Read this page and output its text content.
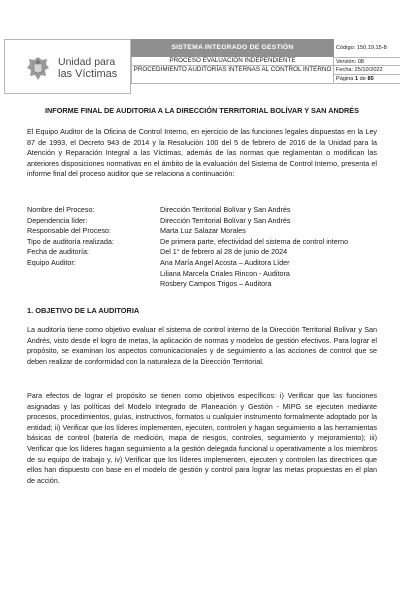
Unidad para
las Víctimas
SISTEMA INTEGRADO DE GESTIÓN
PROCESO EVALUACIÓN INDEPENDIENTE
PROCEDIMIENTO AUDITORÍAS INTERNAS AL CONTROL INTERNO
Código: 150,19,15-8
Versión: 08
Fecha: 25/10/2022
Página 1 de 85
INFORME FINAL DE AUDITORIA A LA DIRECCIÓN TERRITORIAL BOLÍVAR Y SAN ANDRÉS
El Equipo Auditor de la Oficina de Control Interno, en ejercicio de las funciones legales dispuestas en la Ley 87 de 1993, el Decreto 943 de 2014 y la Resolución 100 del 5 de febrero de 2016 de la Unidad para la Atención y Reparación Integral a las Víctimas, además de las normas que reglamentan o modifican las anteriores disposiciones normativas en el ámbito de la evaluación del Sistema de Control Interno, presenta el informe final del proceso auditor que se relaciona a continuación:
Nombre del Proceso:	Dirección Territorial Bolívar y San Andrés
Dependencia líder:	Dirección Territorial Bolívar y San Andrés
Responsable del Proceso:	Marta Luz Salazar Morales
Tipo de auditoría realizada:	De primera parte, efectividad del sistema de control interno
Fecha de auditoría:	Del 1° de febrero al 28 de junio de 2024
Equipo Auditor:	Ana María Angel Acosta – Auditora Líder
Liliana Marcela Criales Rincon - Auditora
Rosbery Campos Trigos – Auditora
1. OBJETIVO DE LA AUDITORIA
La auditoría tiene como objetivo evaluar el sistema de control interno de la Dirección Territorial Bolívar y San Andrés, visto desde el logro de metas, la aplicación de normas y modelos de gestión efectivos. Para lograr el propósito, se examinan los aspectos comunicacionales y de seguimiento a las acciones de control que se deben realizar de conformidad con la naturaleza de la Dirección Territorial.
Para efectos de lograr el propósito se tienen como objetivos específicos: i) Verificar que las funciones asignadas y las políticas del Modelo Integrado de Planeación y Gestión - MIPG se ejecuten mediante procesos, procedimientos, guías, instructivos, formatos u cualquier instrumento formalmente adoptado por la entidad; ii) Verificar que los líderes implementen, ejecuten, controlen y hagan seguimiento a las herramientas básicas de control (batería de medición, mapa de riesgos, controles, seguimiento y mejoramiento); iii) Verificar que los líderes hagan seguimiento a la gestión delegada funcional u operativamente a los miembros de su equipo de trabajo y, iv) Verificar que los líderes implementen, ejecuten y controlen las directrices que ellos han dispuesto con base en el modelo de gestión y control para lograr las metas propuestas en el plan de acción.
